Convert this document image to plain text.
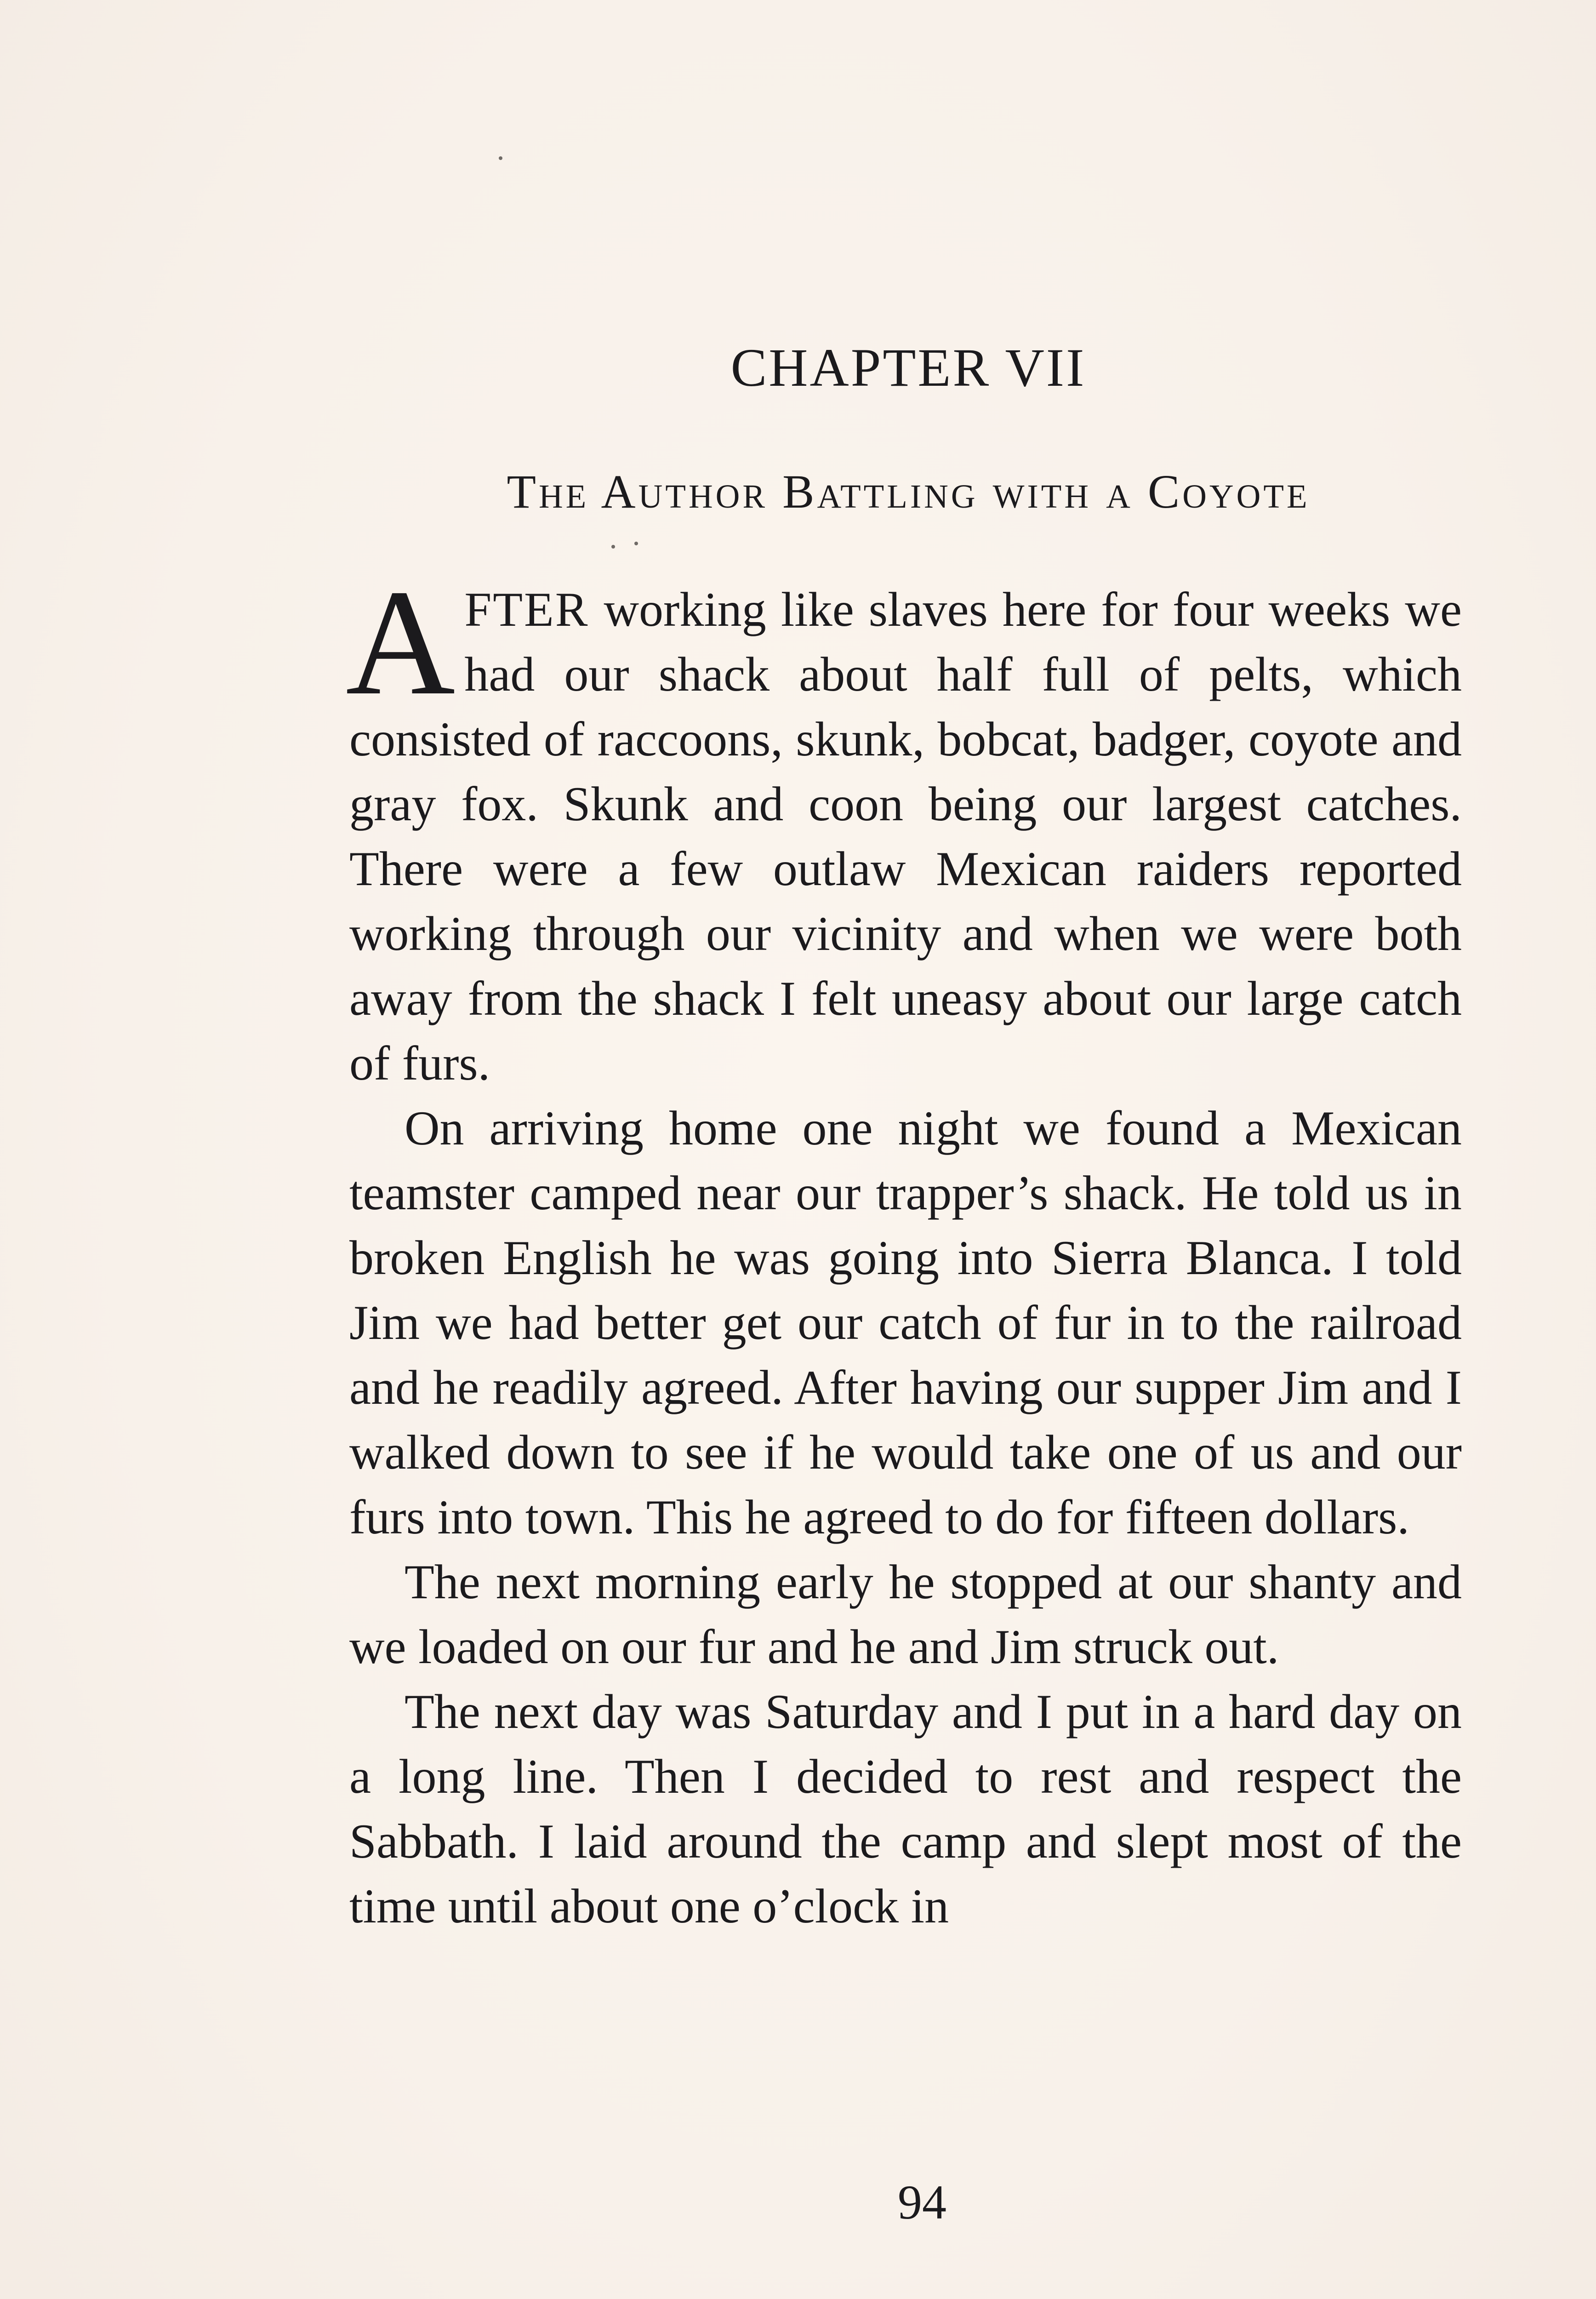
CHAPTER VII
The Author Battling with a Coyote

AFTER working like slaves here for four weeks we had our shack about half full of pelts, which consisted of raccoons, skunk, bobcat, badger, coyote and gray fox. Skunk and coon being our largest catches. There were a few outlaw Mexican raiders reported working through our vicinity and when we were both away from the shack I felt uneasy about our large catch of furs.

On arriving home one night we found a Mexican teamster camped near our trapper’s shack. He told us in broken English he was going into Sierra Blanca. I told Jim we had better get our catch of fur in to the railroad and he readily agreed. After having our supper Jim and I walked down to see if he would take one of us and our furs into town. This he agreed to do for fifteen dollars.

The next morning early he stopped at our shanty and we loaded on our fur and he and Jim struck out.

The next day was Saturday and I put in a hard day on a long line. Then I decided to rest and respect the Sabbath. I laid around the camp and slept most of the time until about one o’clock in

94
